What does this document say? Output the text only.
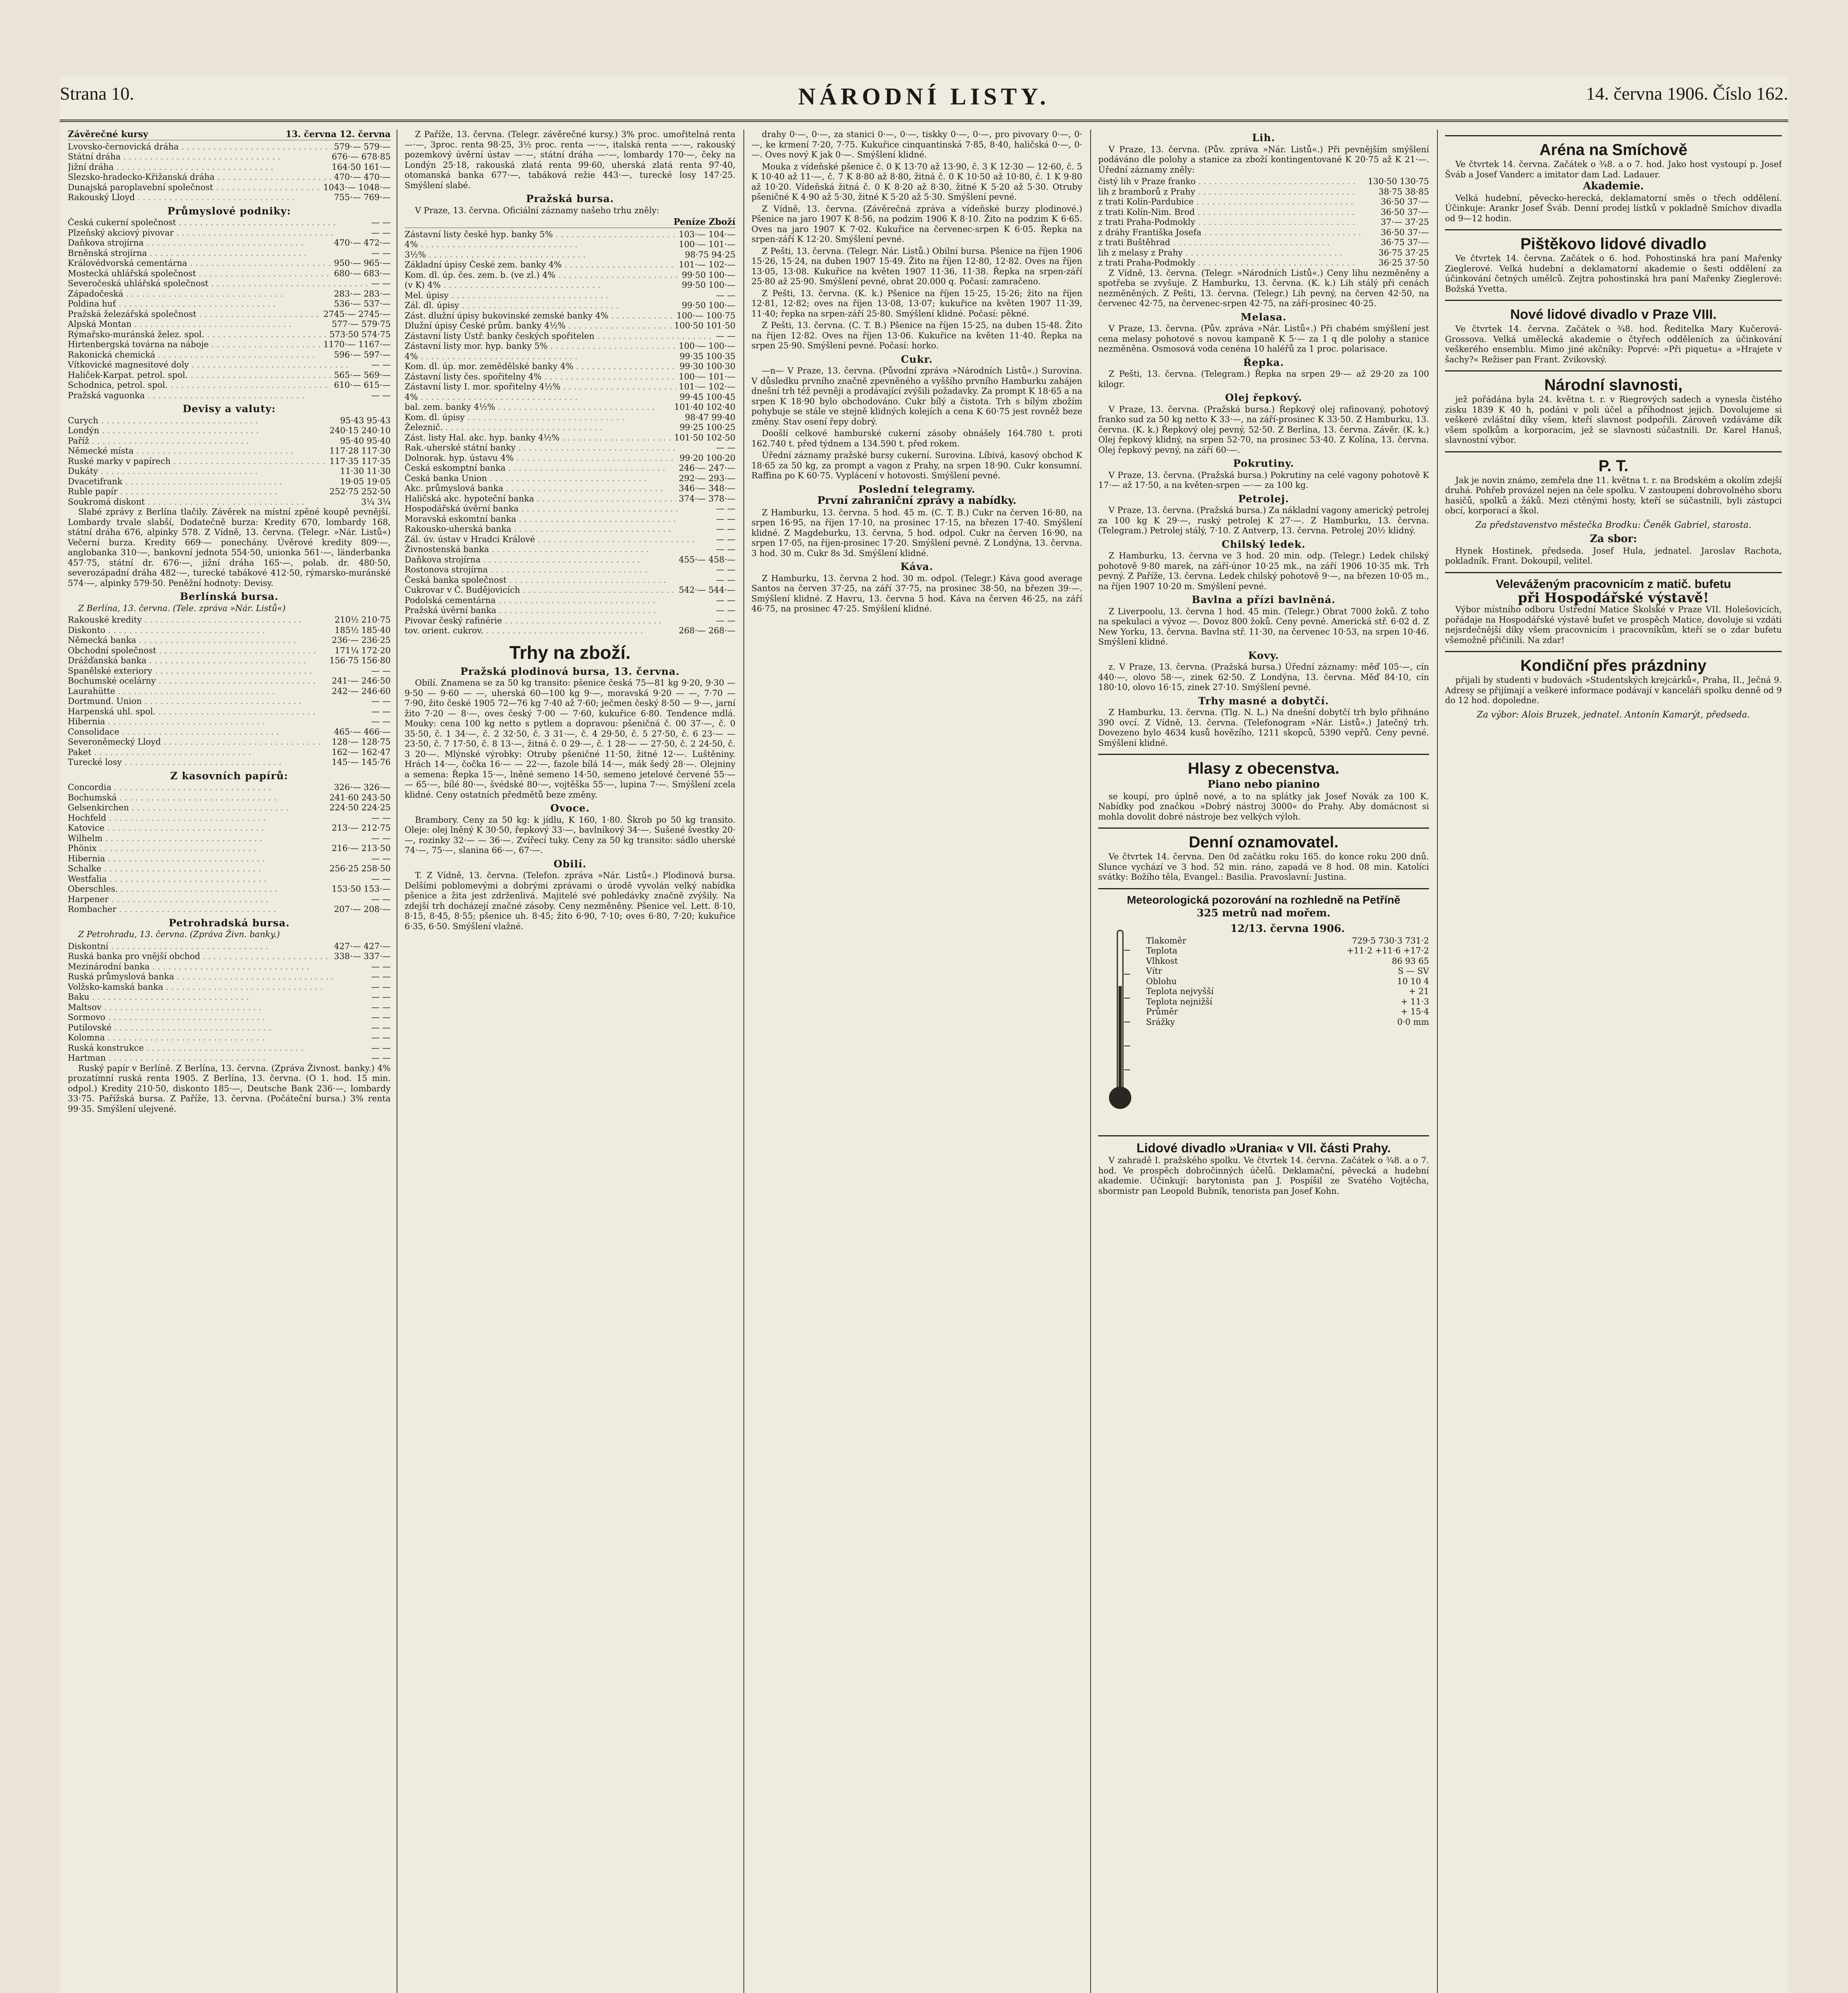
Strana 10.	NÁRODNÍ LISTY.	14. června 1906. Číslo 162.
Závěrečné kursy	13. června 12. června
Lvovsko-černovická dráha . . .	579·— 579·—
Státní dráha . . .	676·— 678·85
Jižní dráha . . .	164·50 161·—
Slezsko-hradecko-Křižanská dráha . . .	470·— 470·—
Dunajská paroplavební společnost . . .	1043·— 1048·—
Rakouský Lloyd . . .	755·— 769·—
Průmyslové podniky:
Česká cukerní společnost . . .	— —
Plzeňský akciový pivovar . . .	— —
Daňkova strojírna . . .	470·— 472·—
Brněnská strojírna . . .	— —
Královédvorská cementárna . . .	950·— 965·—
Mostecká uhlářská společnost . . .	680·— 683·—
Severočeská uhlářská společnost . . .	— —
Západočeská . . .	283·— 283·—
Poldina huť . . .	536·— 537·—
Pražská železářská společnost . . .	2745·— 2745·—
Alpská Montan . . .	577·— 579·75
Rýmařsko-muránská želez. spol. . . .	573·50 574·75
Hirtenbergská továrna na náboje . . .	1170·— 1167·—
Rakonická chemická . . .	596·— 597·—
Vítkovické magnesitové doly . . .	— —
Haliček-Karpat. petrol. spol. . . .	565·— 569·—
Schodnica, petrol. spol. . . .	610·— 615·—
Pražská vaguonka . . .	— —
Devisy a valuty:
Curych . . .	95·43 95·43
Londýn . . .	240·15 240·10
Paříž . . .	95·40 95·40
Německé místa . . .	117·28 117·30
Ruské marky v papírech . . .	117·35 117·35
Dukáty . . .	11·30 11·30
Dvacetifrank . . .	19·05 19·05
Ruble papír . . .	252·75 252·50
Soukromá diskont . . .	3¼ 3¼

Slabé zprávy z Berlína tlačily. Závěrek na místní zpěné koupě pevnější. Lombardy trvale slabší, Dodatečně burza: Kredity 670, lombardy 168, státní dráha 676, alpinky 578. Z Vídně, 13. června. (Telegr. »Nár. Listů«) Večerní burza. Kredity 669·— ponechány. Úvěrové kredity 809·—, anglobanka 310·—, bankovní jednota 554·50, unionka 561·—, länderbanka 457·75, státní dr. 676·—, jižní dráha 165·—, polab. dr. 480·50, severozápadní dráha 482·—, turecké tabákové 412·50, rýmarsko-muránské 574·—, alpinky 579·50. Peněžní hodnoty: Devisy.

Berlínská bursa.

Z Berlína, 13. června. (Tele. zpráva »Nár. Listů«)

Rakouské kredity . . .	210½ 210·75
Diskonto . . .	185½ 185·40
Německá banka . . .	236·— 236·25
Obchodní společnost . . .	171¼ 172·20
Drážďanská banka . . .	156·75 156·80
Spanělské exteriory . . .	— —
Bochumské ocelárny . . .	241·— 246·50
Laurahütte . . .	242·— 246·60
Dortmund. Union . . .	— —
Harpenská uhl. spol. . . .	— —
Hibernia . . .	— —
Consolidace . . .	465·— 466·—
Severoněmecký Lloyd . . .	128·— 128·75
Paket . . .	162·— 162·47
Turecké losy . . .	145·— 145·76
Z kasovních papírů:
Concordia . . .	326·— 326·—
Bochumská . . .	241·60 243·50
Gelsenkirchen . . .	224·50 224·25
Hochfeld . . .	— —
Katovice . . .	213·— 212·75
Wilhelm . . .	— —
Phönix . . .	216·— 213·50
Hibernia . . .	— —
Schalke . . .	256·25 258·50
Westfalia . . .	— —
Oberschles. . . .	153·50 153·—
Harpener . . .	— —
Rombacher . . .	207·— 208·—
Petrohradská bursa.

Z Petrohradu, 13. června. (Zpráva Živn. banky.)

Diskontní . . .	427·— 427·—
Ruská banka pro vnější obchod . . .	338·— 337·—
Mezinárodní banka . . .	— —
Ruská průmyslová banka . . .	— —
Volžsko-kamská banka . . .	— —
Baku . . .	— —
Maltsov . . .	— —
Sormovo . . .	— —
Putilovské . . .	— —
Kolomna . . .	— —
Ruská konstrukce . . .	— —
Hartman . . .	— —

Ruský papír v Berlíně. Z Berlína, 13. června. (Zpráva Živnost. banky.) 4% prozatímní ruská renta 1905. Z Berlína, 13. června. (O 1. hod. 15 min. odpol.) Kredity 210·50, diskonto 185·—, Deutsche Bank 236·—, lombardy 33·75. Pařížská bursa. Z Paříže, 13. června. (Počáteční bursa.) 3% renta 99·35. Smýšlení ulejvené.

Z Paříže, 13. června. (Telegr. závěrečné kursy.) 3% proc. umořitelná renta —·—, 3proc. renta 98·25, 3½ proc. renta —·—, italská renta —·—, rakouský pozemkový úvěrní ústav —·—, státní dráha —·—, lombardy 170·—, čeky na Londýn 25·18, rakouská zlatá renta 99·60, uherská zlatá renta 97·40, otomanská banka 677·—, tabáková režie 443·—, turecké losy 147·25. Smýšlení slabé.

Pražská bursa.

V Praze, 13. června. Oficiální záznamy našeho trhu zněly:

Peníze Zboží
Zástavní listy české hyp. banky 5% . . .	103·— 104·—
4% . . .	100·— 101·—
3½% . . .	98·75 94·25
Základní úpisy České zem. banky 4% . . .	101·— 102·—
Kom. dl. úp. čes. zem. b. (ve zl.) 4% . . .	99·50 100·—
(v K) 4% . . .	99·50 100·—
Mel. úpisy . . .	— —
Zál. dl. úpisy . . .	99·50 100·—
Zást. dlužní úpisy bukovinské zemské banky 4% . . .	100·— 100·75
Dlužní úpisy České prům. banky 4½% . . .	100·50 101·50
Zástavní listy Ústř. banky českých spořitelen . . .	— —
Zástavní listy mor. hyp. banky 5% . . .	100·— 100·—
4% . . .	99·35 100·35
Kom. dl. úp. mor. zemědělské banky 4% . . .	99·30 100·30
Zástavní listy čes. spořitelny 4% . . .	100·— 101·—
Zástavní listy I. mor. spořitelny 4½% . . .	101·— 102·—
4% . . .	99·45 100·45
bal. zem. banky 4½% . . .	101·40 102·40
Kom. dl. úpisy . . .	98·47 99·40
Železnič. . . .	99·25 100·25
Zást. listy Hal. akc. hyp. banky 4½% . . .	101·50 102·50
Rak.-uherské státní banky . . .	— —
Dolnorak. hyp. ústavu 4% . . .	99·20 100·20
Česká eskomptní banka . . .	246·— 247·—
Česká banka Union . . .	292·— 293·—
Akc. průmyslová banka . . .	346·— 348·—
Haličská akc. hypoteční banka . . .	374·— 378·—
Hospodářská úvěrní banka . . .	— —
Moravská eskomtní banka . . .	— —
Rakousko-uherská banka . . .	— —
Zál. úv. ústav v Hradci Králové . . .	— —
Živnostenská banka . . .	— —
Daňkova strojírna . . .	455·— 458·—
Rostonova strojírna . . .	— —
Česká banka společnost . . .	— —
Cukrovar v Č. Budějovicích . . .	542·— 544·—
Podolská cementárna . . .	— —
Pražská úvěrní banka . . .	— —
Pivovar český rafinérie . . .	— —
tov. orient. cukrov. . . .	268·— 268·—
Trhy na zboží.
Pražská plodinová bursa, 13. června.

Obilí. Znamena se za 50 kg transito: pšenice česká 75—81 kg 9·20, 9·30 — 9·50 — 9·60 — —, uherská 60—100 kg 9·—, moravská 9·20 — —, 7·70 — 7·90, žito české 1905 72—76 kg 7·40 až 7·60; ječmen český 8·50 — 9·—, jarní žito 7·20 — 8·—, oves český 7·00 — 7·60, kukuřice 6·80. Tendence mdlá. Mouky: cena 100 kg netto s pytlem a dopravou: pšeničná č. 00 37·—, č. 0 35·50, č. 1 34·—, č. 2 32·50, č. 3 31·—, č. 4 29·50, č. 5 27·50, č. 6 23·— — 23·50, č. 7 17·50, č. 8 13·—, žitná č. 0 29·—, č. 1 28·— — 27·50, č. 2 24·50, č. 3 20·—. Mlýnské výrobky: Otruby pšeničné 11·50, žitné 12·—. Luštěniny. Hrách 14·—, čočka 16·— — 22·—, fazole bílá 14·—, mák šedý 28·—. Olejniny a semena: Řepka 15·—, lněné semeno 14·50, semeno jetelové červené 55·— — 65·—, bílé 80·—, švédské 80·—, vojtěška 55·—, lupina 7·—. Smýšlení zcela klidné. Ceny ostatních předmětů beze změny.

Ovoce.

Brambory. Ceny za 50 kg: k jídlu, K 160, 1·80. Škrob po 50 kg transito. Oleje: olej lněný K 30·50, řepkový 33·—, bavlníkový 34·—. Sušené švestky 20·—, rozinky 32·— — 36·—. Zvířecí tuky. Ceny za 50 kg transito: sádlo uherské 74·—, 75·—, slanina 66·—, 67·—.

Obilí.

T. Z Vídně, 13. června. (Telefon. zpráva »Nár. Listů«.) Plodinová bursa. Delšími poblomevými a dobrými zprávami o úrodě vyvolán velký nabídka pšenice a žita jest zdrženlivá. Majitelé své pohledávky značně zvýšily. Na zdejší trh docházejí značné zásoby. Ceny nezměněny. Pšenice vel. Lett. 8·10, 8·15, 8·45, 8·55; pšenice uh. 8·45; žito 6·90, 7·10; oves 6·80, 7·20; kukuřice 6·35, 6·50. Smýšlení vlažné.

drahy 0·—, 0·—, za stanici 0·—, 0·—, tiskky 0·—, 0·—, pro pivovary 0·—, 0·—, ke krmení 7·20, 7·75. Kukuřice cinquantinská 7·85, 8·40, haličská 0·—, 0·—. Oves nový K jak 0·—. Smýšlení klidné.

Mouka z vídeňské pšenice č. 0 K 13·70 až 13·90, č. 3 K 12·30 — 12·60, č. 5 K 10·40 až 11·—, č. 7 K 8·80 až 8·80, žitná č. 0 K 10·50 až 10·80, č. 1 K 9·80 až 10·20. Vídeňská žitná č. 0 K 8·20 až 8·30, žitné K 5·20 až 5·30. Otruby pšeničné K 4·90 až 5·30, žitné K 5·20 až 5·30. Smýšlení pevné.

Z Vídně, 13. června. (Závěrečná zpráva a vídeňské burzy plodinové.) Pšenice na jaro 1907 K 8·56, na podzim 1906 K 8·10. Žito na podzim K 6·65. Oves na jaro 1907 K 7·02. Kukuřice na červenec-srpen K 6·05. Řepka na srpen-září K 12·20. Smýšlení pevné.

Z Pešti, 13. června. (Telegr. Nár. Listů.) Obilní bursa. Pšenice na říjen 1906 15·26, 15·24, na duben 1907 15·49. Žito na říjen 12·80, 12·82. Oves na říjen 13·05, 13·08. Kukuřice na květen 1907 11·36, 11·38. Řepka na srpen-září 25·80 až 25·90. Smýšlení pevné, obrat 20.000 q. Počasí: zamračeno.

Z Pešti, 13. června. (K. k.) Pšenice na říjen 15·25, 15·26; žito na říjen 12·81, 12·82; oves na říjen 13·08, 13·07; kukuřice na květen 1907 11·39, 11·40; řepka na srpen-září 25·80. Smýšlení klidné. Počasí: pěkné.

Z Pešti, 13. června. (C. T. B.) Pšenice na říjen 15·25, na duben 15·48. Žito na říjen 12·82. Oves na říjen 13·06. Kukuřice na květen 11·40. Řepka na srpen 25·90. Smýšlení pevné. Počasí: horko.

Cukr.

—n— V Praze, 13. června. (Původní zpráva »Národních Listů«.) Surovina. V důsledku prvního značně zpevněného a vyššího prvního Hamburku zahájen dnešní trh též pevněji a prodávající zvýšili požadavky. Za prompt K 18·65 a na srpen K 18·90 bylo obchodováno. Cukr bílý a čistota. Trh s bílým zbožím pohybuje se stále ve stejně klidných kolejích a cena K 60·75 jest rovněž beze změny. Stav osení řepy dobrý.

Doošlí celkové hamburské cukerní zásoby obnášely 164.780 t. proti 162.740 t. před týdnem a 134.590 t. před rokem.

Úřední záznamy pražské bursy cukerní. Surovina. Líbivá, kasový obchod K 18·65 za 50 kg, za prompt a vagon z Prahy, na srpen 18·90. Cukr konsumní. Raffina po K 60·75. Vyplácení v hotovosti. Smýšlení pevné.

Poslední telegramy.
První zahraniční zprávy a nabídky.

Z Hamburku, 13. června. 5 hod. 45 m. (C. T. B.) Cukr na červen 16·80, na srpen 16·95, na říjen 17·10, na prosinec 17·15, na březen 17·40. Smýšlení klidné. Z Magdeburku, 13. června, 5 hod. odpol. Cukr na červen 16·90, na srpen 17·05, na říjen-prosinec 17·20. Smýšlení pevné. Z Londýna, 13. června. 3 hod. 30 m. Cukr 8s 3d. Smýšlení klidné.

Káva.

Z Hamburku, 13. června 2 hod. 30 m. odpol. (Telegr.) Káva good average Santos na červen 37·25, na září 37·75, na prosinec 38·50, na březen 39·—. Smýšlení klidné. Z Havru, 13. června 5 hod. Káva na červen 46·25, na září 46·75, na prosinec 47·25. Smýšlení klidné.

Lih.

V Praze, 13. června. (Pův. zpráva »Nár. Listů«.) Při pevnějším smýšlení podáváno dle polohy a stanice za zboží kontingentované K 20·75 až K 21·—. Úřední záznamy zněly:

čistý lih v Praze franko . . .	130·50 130·75
lih z bramborů z Prahy . . .	38·75 38·85
z trati Kolín-Pardubice . . .	36·50 37·—
z trati Kolín-Nim. Brod . . .	36·50 37·—
z trati Praha-Podmokly . . .	37·— 37·25
z dráhy Františka Josefa . . .	36·50 37·—
z trati Buštěhrad . . .	36·75 37·—
lih z melasy z Prahy . . .	36·75 37·25
z trati Praha-Podmokly . . .	36·25 37·50

Z Vídně, 13. června. (Telegr. »Národních Listů«.) Ceny lihu nezměněny a spotřeba se zvyšuje. Z Hamburku, 13. června. (K. k.) Lih stálý při cenách nezměněných. Z Pešti, 13. června. (Telegr.) Lih pevný, na červen 42·50, na červenec 42·75, na červenec-srpen 42·75, na září-prosinec 40·25.

Melasa.

V Praze, 13. června. (Pův. zpráva »Nár. Listů«.) Při chabém smýšlení jest cena melasy pohotové s novou kampaně K 5·— za 1 q dle polohy a stanice nezměněna. Osmosová voda cenéna 10 haléřů za 1 proc. polarisace.

Řepka.

Z Pešti, 13. června. (Telegram.) Řepka na srpen 29·— až 29·20 za 100 kilogr.

Olej řepkový.

V Praze, 13. června. (Pražská bursa.) Řepkový olej rafinovaný, pohotový franko sud za 50 kg netto K 33·—, na září-prosinec K 33·50. Z Hamburku, 13. června. (K. k.) Řepkový olej pevný, 52·50. Z Berlína, 13. června. Závěr. (K. k.) Olej řepkový klidný, na srpen 52·70, na prosinec 53·40. Z Kolína, 13. června. Olej řepkový pevný, na září 60·—.

Pokrutiny.

V Praze, 13. června. (Pražská bursa.) Pokrutiny na celé vagony pohotově K 17·— až 17·50, a na květen-srpen —·— za 100 kg.

Petrolej.

V Praze, 13. června. (Pražská bursa.) Za nákladní vagony americký petrolej za 100 kg K 29·—, ruský petrolej K 27·—. Z Hamburku, 13. června. (Telegram.) Petrolej stálý, 7·10. Z Antverp, 13. června. Petrolej 20½ klidný.

Chilský ledek.

Z Hamburku, 13. června ve 3 hod. 20 min. odp. (Telegr.) Ledek chilský pohotově 9·80 marek, na září-únor 10·25 mk., na září 1906 10·35 mk. Trh pevný. Z Paříže, 13. června. Ledek chilský pohotově 9·—, na březen 10·05 m., na říjen 1907 10·20 m. Smýšlení pevné.

Bavlna a přízi bavlněná.

Z Liverpoolu, 13. června 1 hod. 45 min. (Telegr.) Obrat 7000 žoků. Z toho na spekulaci a vývoz —. Dovoz 800 žoků. Ceny pevné. Americká stř. 6·02 d. Z New Yorku, 13. června. Bavlna stř. 11·30, na červenec 10·53, na srpen 10·46. Smýšlení klidné.

Kovy.

z. V Praze, 13. června. (Pražská bursa.) Úřední záznamy: měď 105·—, cín 440·—, olovo 58·—, zinek 62·50. Z Londýna, 13. června. Měď 84·10, cín 180·10, olovo 16·15, zinek 27·10. Smýšlení pevné.

Trhy masné a dobytčí.

Z Hamburku, 13. června. (Tlg. N. L.) Na dnešní dobytčí trh bylo přihnáno 390 ovcí. Z Vídně, 13. června. (Telefonogram »Nár. Listů«.) Jatečný trh. Dovezeno bylo 4634 kusů hovězího, 1211 skopců, 5390 vepřů. Ceny pevné. Smýšlení klidné.

Hlasy z obecenstva.
Piano nebo pianino

se koupí, pro úplně nové, a to na splátky jak Josef Novák za 100 K. Nabídky pod značkou »Dobrý nástroj 3000« do Prahy. Aby domácnost si mohla dovolit dobré nástroje bez velkých výloh.

Denní oznamovatel.

Ve čtvrtek 14. června. Den 0d začátku roku 165. do konce roku 200 dnů. Slunce vychází ve 3 hod. 52 min. ráno, zapadá ve 8 hod. 08 min. Katolíci svátky: Božího těla, Evangel.: Basilia. Pravoslavní: Justina.

Meteorologická pozorování na rozhledně na Petříně
325 metrů nad mořem.
12/13. června 1906.
Tlakoměr	729·5 730·3 731·2
Teplota	+11·2 +11·6 +17·2
Vlhkost	86 93 65
Vítr	S — SV
Oblohu	10 10 4
Teplota nejvyšší	+ 21
Teplota nejnižší	+ 11·3
Průměr	+ 15·4
Srážky	0·0 mm
Lidové divadlo »Urania« v VII. části Prahy.

V zahradě I. pražského spolku. Ve čtvrtek 14. června. Začátek o ¾8. a o 7. hod. Ve prospěch dobročinných účelů. Deklamační, pěvecká a hudební akademie. Účinkují: barytonista pan J. Pospíšil ze Svatého Vojtěcha, sbormistr pan Leopold Bubník, tenorista pan Josef Kohn.

Aréna na Smíchově

Ve čtvrtek 14. června. Začátek o ¾8. a o 7. hod. Jako host vystoupí p. Josef Šváb a Josef Vanderc a imitator dam Lad. Ladauer.

Akademie.

Velká hudební, pěvecko-herecká, deklamatorní směs o třech oddělení. Účinkuje: Arankr Josef Šváb. Denní prodej lístků v pokladně Smíchov divadla od 9—12 hodin.

Pištěkovo lidové divadlo

Ve čtvrtek 14. června. Začátek o 6. hod. Pohostinská hra paní Mařenky Zieglerové. Velká hudební a deklamatorní akademie o šesti oddělení za účinkování četných umělců. Zejtra pohostinská hra paní Mařenky Zieglerové: Božská Yvetta.

Nové lidové divadlo v Praze VIII.

Ve čtvrtek 14. června. Začátek o ¾8. hod. Ředitelka Mary Kučerová-Grossova. Velká umělecká akademie o čtyřech odděleních za účinkování veškerého ensemblu. Mimo jiné akčníky: Poprvé: »Při piquetu« a »Hrajete v šachy?« Režiser pan Frant. Zvikovský.

Národní slavnosti,

jež pořádána byla 24. května t. r. v Riegrových sadech a vynesla čistého zisku 1839 K 40 h, podáni v poli účel a příhodnost jejich. Dovolujeme si veškeré zvláštní díky všem, kteří slavnost podpořili. Zároveň vzdáváme dík všem spolkům a korporacím, jež se slavnosti súčastnili. Dr. Karel Hanuš, slavnostní výbor.

P. T.

Jak je novin známo, zemřela dne 11. května t. r. na Brodském a okolím zdejší druhá. Pohřeb provázel nejen na čele spolku. V zastoupení dobrovolného sboru hasičů, spolků a žáků. Mezi ctěnými hosty, kteří se súčastnili, byli zástupci obcí, korporací a škol.

Za představenstvo městečka Brodku: Čeněk Gabriel, starosta.
Za sbor:

Hynek Hostinek, předseda. Josef Hula, jednatel. Jaroslav Rachota, pokladník. Frant. Dokoupil, velitel.

Veleváženým pracovnicím z matič. bufetu
při Hospodářské výstavě!

Výbor místního odboru Ústřední Matice Školské v Praze VII. Holešovicích, pořádaje na Hospodářské výstavě bufet ve prospěch Matice, dovoluje si vzdáti nejsrdečnější díky všem pracovnicím i pracovníkům, kteří se o zdar bufetu všemožně přičinili. Na zdar!

Kondiční přes prázdniny

přijali by studenti v budovách »Studentských krejcárků«, Praha, II., Ječná 9. Adresy se přijímají a veškeré informace podávají v kanceláři spolku denně od 9 do 12 hod. dopoledne.

Za výbor: Alois Bruzek, jednatel. Antonín Kamarýt, předseda.
